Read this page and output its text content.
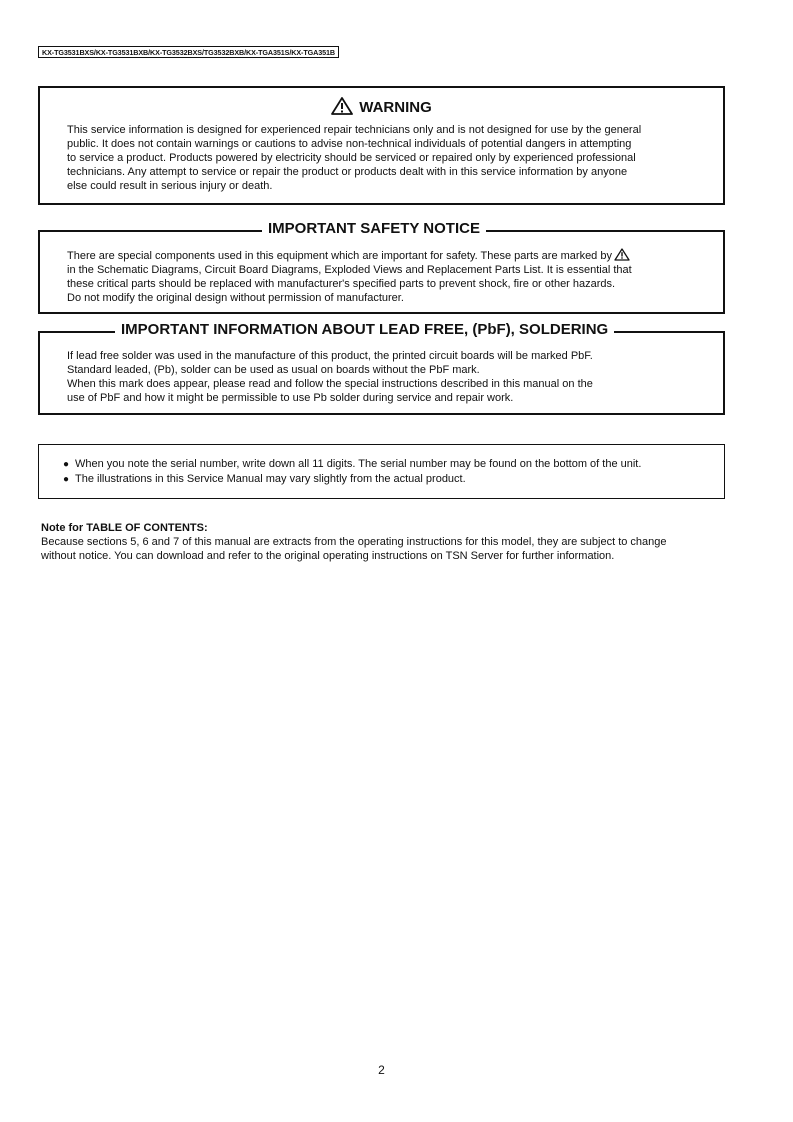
KX-TG3531BXS/KX-TG3531BXB/KX-TG3532BXS/TG3532BXB/KX-TGA351S/KX-TGA351B
WARNING

This service information is designed for experienced repair technicians only and is not designed for use by the general

public. It does not contain warnings or cautions to advise non-technical individuals of potential dangers in attempting

to service a product. Products powered by electricity should be serviced or repaired only by experienced professional

technicians. Any attempt to service or repair the product or products dealt with in this service information by anyone

else could result in serious injury or death.

IMPORTANT SAFETY NOTICE

There are special components used in this equipment which are important for safety. These parts are marked by

in the Schematic Diagrams, Circuit Board Diagrams, Exploded Views and Replacement Parts List. It is essential that

these critical parts should be replaced with manufacturer's specified parts to prevent shock, fire or other hazards.

Do not modify the original design without permission of manufacturer.

IMPORTANT INFORMATION ABOUT LEAD FREE, (PbF), SOLDERING

If lead free solder was used in the manufacture of this product, the printed circuit boards will be marked PbF.

Standard leaded, (Pb), solder can be used as usual on boards without the PbF mark.

When this mark does appear, please read and follow the special instructions described in this manual on the

use of PbF and how it might be permissible to use Pb solder during service and repair work.

● When you note the serial number, write down all 11 digits. The serial number may be found on the bottom of the unit.
● The illustrations in this Service Manual may vary slightly from the actual product.

Note for TABLE OF CONTENTS:

Because sections 5, 6 and 7 of this manual are extracts from the operating instructions for this model, they are subject to change

without notice. You can download and refer to the original operating instructions on TSN Server for further information.

2
